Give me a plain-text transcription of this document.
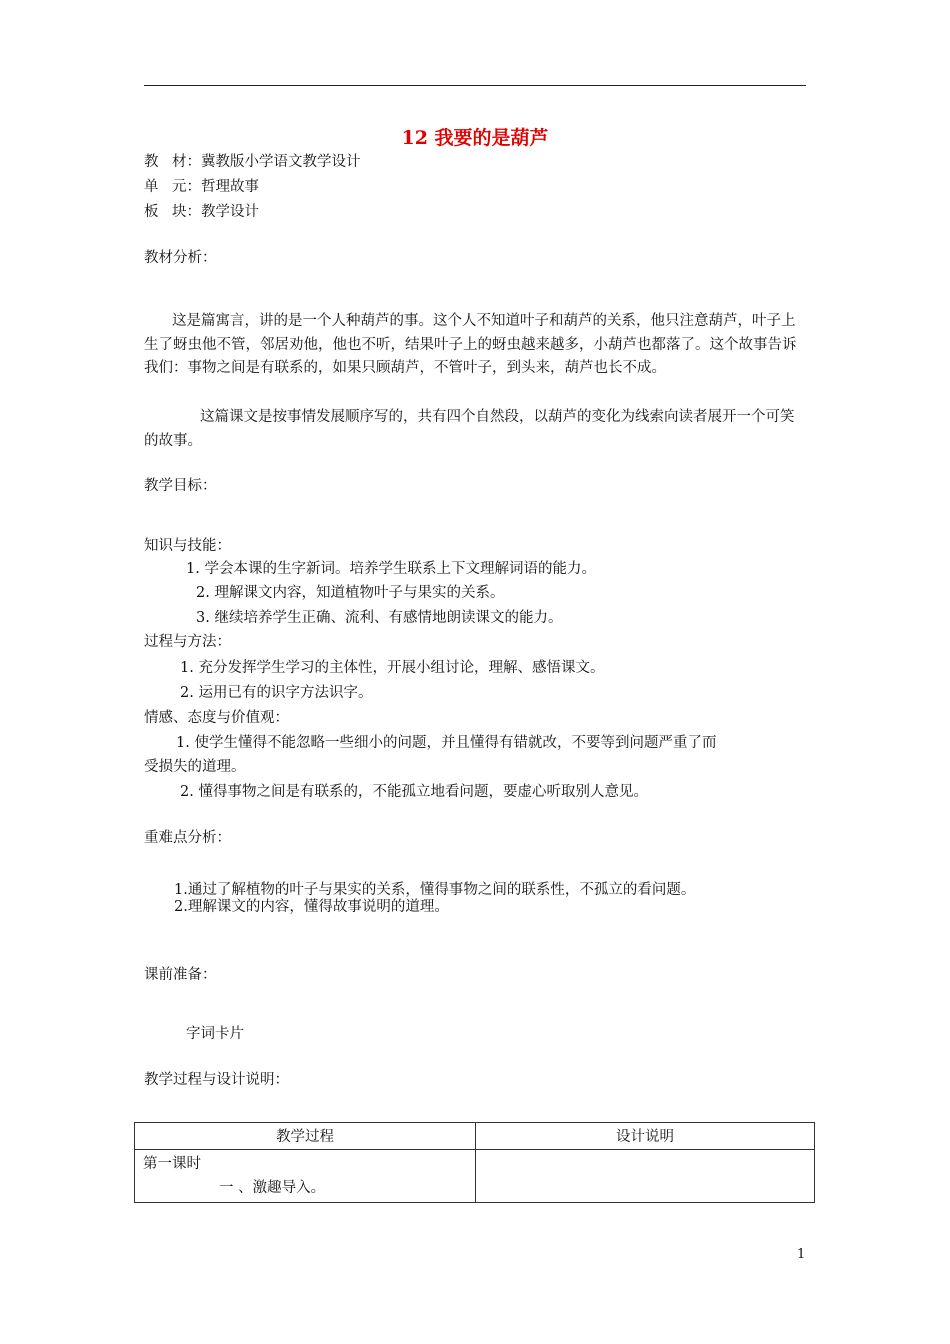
12 我要的是葫芦
教 材：冀教版小学语文教学设计
单 元：哲理故事
板 块：教学设计
教材分析：
这是篇寓言，讲的是一个人种葫芦的事。这个人不知道叶子和葫芦的关系，他只注意葫芦，叶子上生了蚜虫他不管，邻居劝他，他也不听，结果叶子上的蚜虫越来越多，小葫芦也都落了。这个故事告诉我们：事物之间是有联系的，如果只顾葫芦，不管叶子，到头来，葫芦也长不成。
这篇课文是按事情发展顺序写的，共有四个自然段，以葫芦的变化为线索向读者展开一个可笑的故事。
教学目标：
知识与技能：
1. 学会本课的生字新词。培养学生联系上下文理解词语的能力。
2. 理解课文内容，知道植物叶子与果实的关系。
3. 继续培养学生正确、流利、有感情地朗读课文的能力。
过程与方法：
1. 充分发挥学生学习的主体性，开展小组讨论，理解、感悟课文。
2. 运用已有的识字方法识字。
情感、态度与价值观：
1. 使学生懂得不能忽略一些细小的问题，并且懂得有错就改，不要等到问题严重了而
受损失的道理。
2. 懂得事物之间是有联系的，不能孤立地看问题，要虚心听取别人意见。
重难点分析：
1.通过了解植物的叶子与果实的关系，懂得事物之间的联系性，不孤立的看问题。
2.理解课文的内容，懂得故事说明的道理。
课前准备：
字词卡片
教学过程与设计说明：
教学过程	设计说明

第一课时
一 、激趣导入。	

1
